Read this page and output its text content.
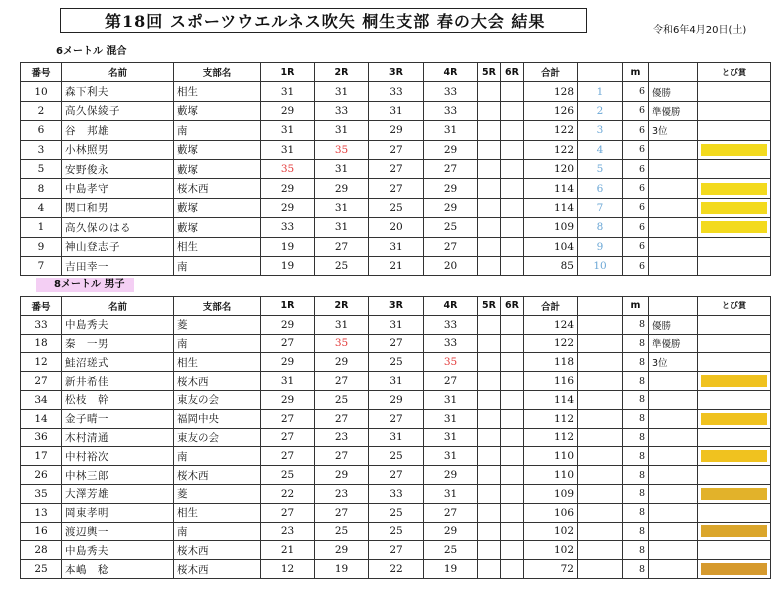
第18回 スポーツウエルネス吹矢 桐生支部 春の大会 結果	令和6年4月20日(土)
6メートル 混合
番号	名前	支部名	1R	2R	3R	4R	5R	6R	合計		m		とび賞
10	森下利夫	相生	31	31	33	33			128	1	6	優勝	
2	高久保綾子	藪塚	29	33	31	33			126	2	6	準優勝	
6	谷　邦雄	南	31	31	29	31			122	3	6	3位	
3	小林照男	藪塚	31	35	27	29			122	4	6		

5	安野俊永	藪塚	35	31	27	27			120	5	6		
8	中島孝守	桜木西	29	29	27	29			114	6	6		

4	関口和男	藪塚	29	31	25	29			114	7	6		

1	高久保のはる	藪塚	33	31	20	25			109	8	6		

9	神山登志子	相生	19	27	31	27			104	9	6		
7	吉田幸一	南	19	25	21	20			85	10	6		
8メートル 男子
番号	名前	支部名	1R	2R	3R	4R	5R	6R	合計		m		とび賞
33	中島秀夫	菱	29	31	31	33			124		8	優勝	
18	秦　一男	南	27	35	27	33			122		8	準優勝	
12	鮭沼瑳式	相生	29	29	25	35			118		8	3位	
27	新井希佳	桜木西	31	27	31	27			116		8		

34	松枝　幹	東友の会	29	25	29	31			114		8		
14	金子晴一	福岡中央	27	27	27	31			112		8		

36	木村清通	東友の会	27	23	31	31			112		8		
17	中村裕次	南	27	27	25	31			110		8		

26	中林三郎	桜木西	25	29	27	29			110		8		
35	大澤芳雄	菱	22	23	33	31			109		8		

13	岡東孝明	相生	27	27	25	27			106		8		
16	渡辺輿一	南	23	25	25	29			102		8		

28	中島秀夫	桜木西	21	29	27	25			102		8		
25	本嶋　稔	桜木西	12	19	22	19			72		8		
